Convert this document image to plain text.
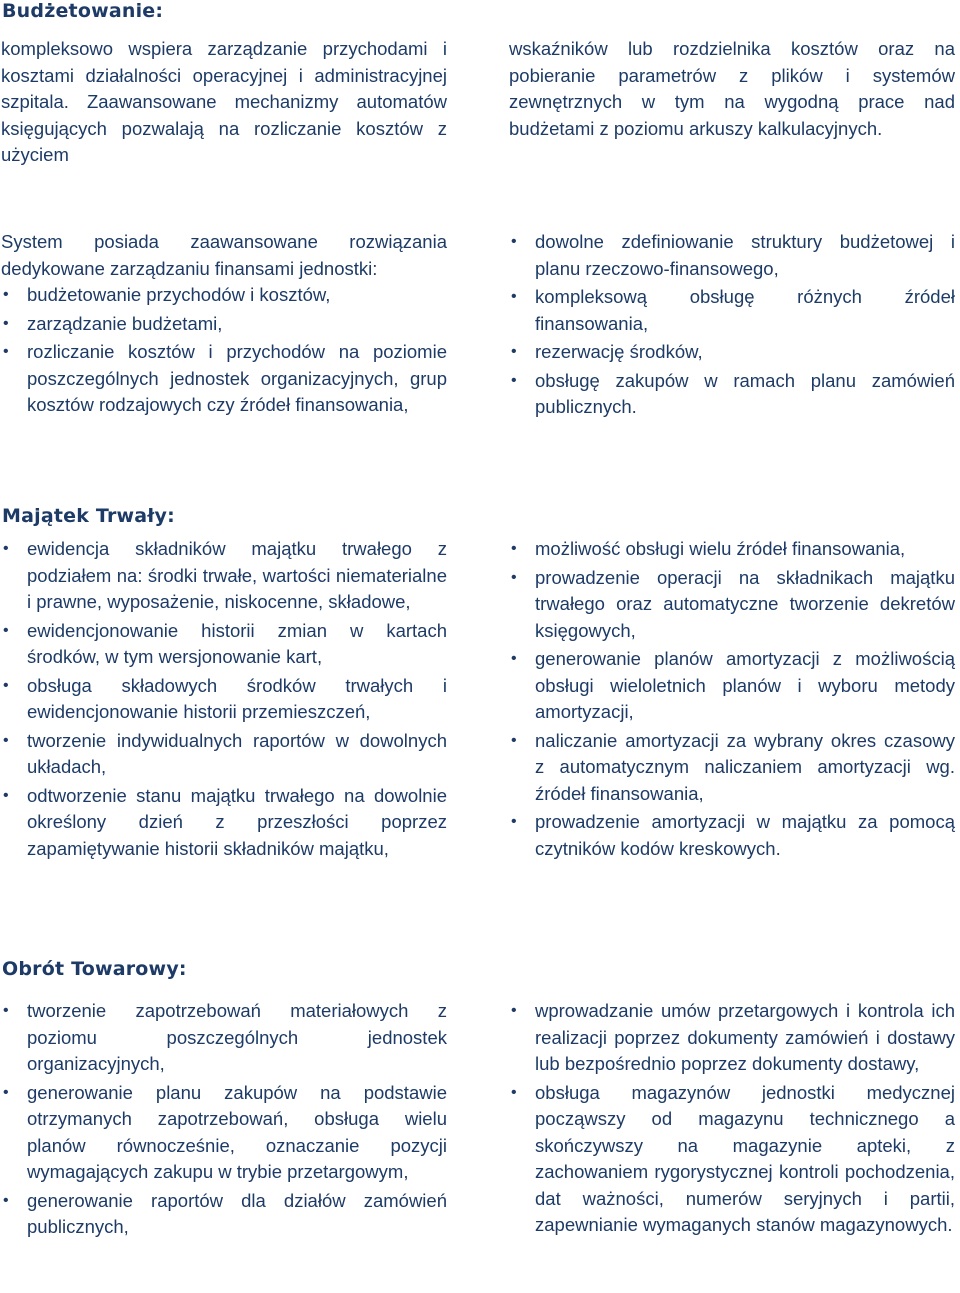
Budżetowanie:

kompleksowo wspiera zarządzanie przychodami i kosztami działalności operacyjnej i administracyjnej szpitala. Zaawansowane mechanizmy automatów księgujących pozwalają na rozliczanie kosztów z użyciem

wskaźników lub rozdzielnika kosztów oraz na pobieranie parametrów z plików i systemów zewnętrznych w tym na wygodną prace nad budżetami z poziomu arkuszy kalkulacyjnych.

System posiada zaawansowane rozwiązania dedykowane zarządzaniu finansami jednostki:

• budżetowanie przychodów i kosztów,
• zarządzanie budżetami,
• rozliczanie kosztów i przychodów na poziomie poszczególnych jednostek organizacyjnych, grup kosztów rodzajowych czy źródeł finansowania,
• dowolne zdefiniowanie struktury budżetowej i planu rzeczowo-finansowego,
• kompleksową obsługę różnych źródeł finansowania,
• rezerwację środków,
• obsługę zakupów w ramach planu zamówień publicznych.
Majątek Trwały:
• ewidencja składników majątku trwałego z podziałem na: środki trwałe, wartości niematerialne i prawne, wyposażenie, niskocenne, składowe,
• ewidencjonowanie historii zmian w kartach środków, w tym wersjonowanie kart,
• obsługa składowych środków trwałych i ewidencjonowanie historii przemieszczeń,
• tworzenie indywidualnych raportów w dowolnych układach,
• odtworzenie stanu majątku trwałego na dowolnie określony dzień z przeszłości poprzez zapamiętywanie historii składników majątku,
• możliwość obsługi wielu źródeł finansowania,
• prowadzenie operacji na składnikach majątku trwałego oraz automatyczne tworzenie dekretów księgowych,
• generowanie planów amortyzacji z możliwością obsługi wieloletnich planów i wyboru metody amortyzacji,
• naliczanie amortyzacji za wybrany okres czasowy z automatycznym naliczaniem amortyzacji wg. źródeł finansowania,
• prowadzenie amortyzacji w majątku za pomocą czytników kodów kreskowych.
Obrót Towarowy:
• tworzenie zapotrzebowań materiałowych z poziomu poszczególnych jednostek organizacyjnych,
• generowanie planu zakupów na podstawie otrzymanych zapotrzebowań, obsługa wielu planów równocześnie, oznaczanie pozycji wymagających zakupu w trybie przetargowym,
• generowanie raportów dla działów zamówień publicznych,
• wprowadzanie umów przetargowych i kontrola ich realizacji poprzez dokumenty zamówień i dostawy lub bezpośrednio poprzez dokumenty dostawy,
• obsługa magazynów jednostki medycznej począwszy od magazynu technicznego a skończywszy na magazynie apteki, z zachowaniem rygorystycznej kontroli pochodzenia, dat ważności, numerów seryjnych i partii, zapewnianie wymaganych stanów magazynowych.
